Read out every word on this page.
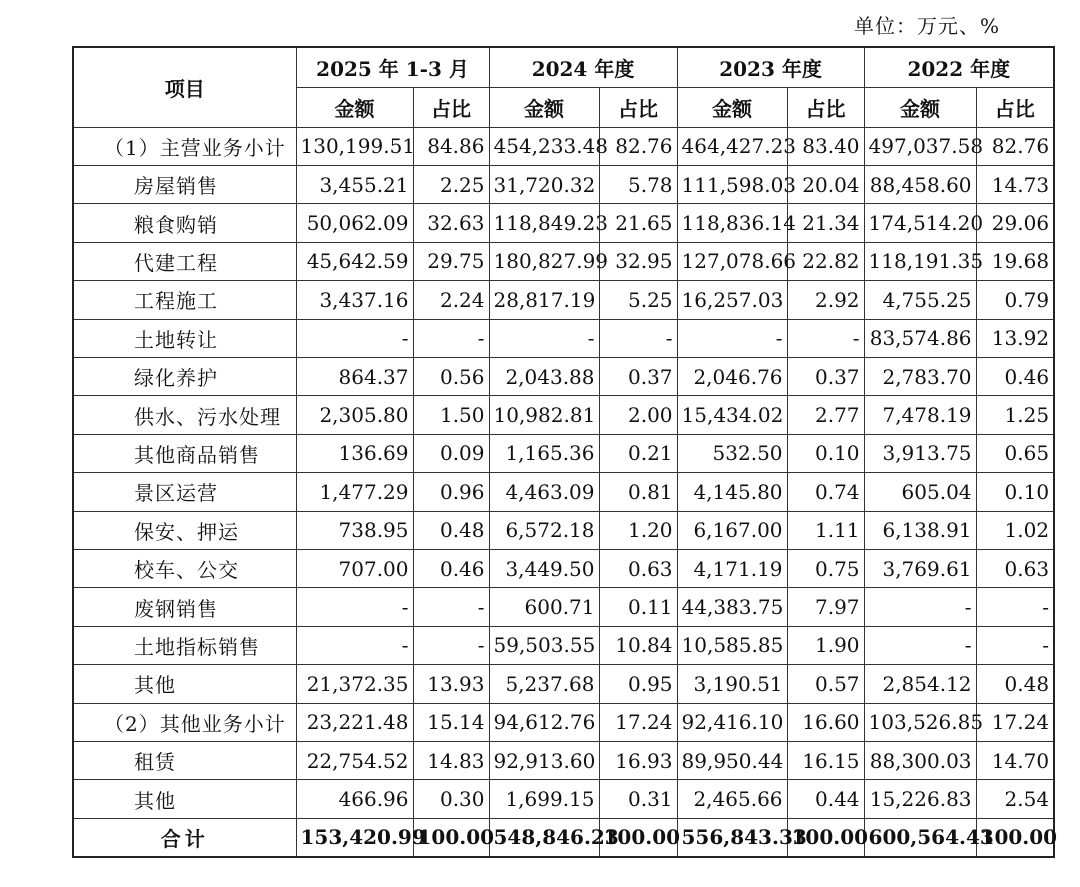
单位：万元、%
项目	2025 年 1-3 月		2024 年度		2023 年度		2022 年度	
	金额	占比	金额	占比	金额	占比	金额	占比
（1）主营业务小计	130,199.51	84.86	454,233.48	82.76	464,427.23	83.40	497,037.58	82.76
房屋销售	3,455.21	2.25	31,720.32	5.78	111,598.03	20.04	88,458.60	14.73
粮食购销	50,062.09	32.63	118,849.23	21.65	118,836.14	21.34	174,514.20	29.06
代建工程	45,642.59	29.75	180,827.99	32.95	127,078.66	22.82	118,191.35	19.68
工程施工	3,437.16	2.24	28,817.19	5.25	16,257.03	2.92	4,755.25	0.79
土地转让	-	-	-	-	-	-	83,574.86	13.92
绿化养护	864.37	0.56	2,043.88	0.37	2,046.76	0.37	2,783.70	0.46
供水、污水处理	2,305.80	1.50	10,982.81	2.00	15,434.02	2.77	7,478.19	1.25
其他商品销售	136.69	0.09	1,165.36	0.21	532.50	0.10	3,913.75	0.65
景区运营	1,477.29	0.96	4,463.09	0.81	4,145.80	0.74	605.04	0.10
保安、押运	738.95	0.48	6,572.18	1.20	6,167.00	1.11	6,138.91	1.02
校车、公交	707.00	0.46	3,449.50	0.63	4,171.19	0.75	3,769.61	0.63
废钢销售	-	-	600.71	0.11	44,383.75	7.97	-	-
土地指标销售	-	-	59,503.55	10.84	10,585.85	1.90	-	-
其他	21,372.35	13.93	5,237.68	0.95	3,190.51	0.57	2,854.12	0.48
（2）其他业务小计	23,221.48	15.14	94,612.76	17.24	92,416.10	16.60	103,526.85	17.24
租赁	22,754.52	14.83	92,913.60	16.93	89,950.44	16.15	88,300.03	14.70
其他	466.96	0.30	1,699.15	0.31	2,465.66	0.44	15,226.83	2.54
合计	153,420.99	100.00	548,846.23	100.00	556,843.33	100.00	600,564.43	100.00
